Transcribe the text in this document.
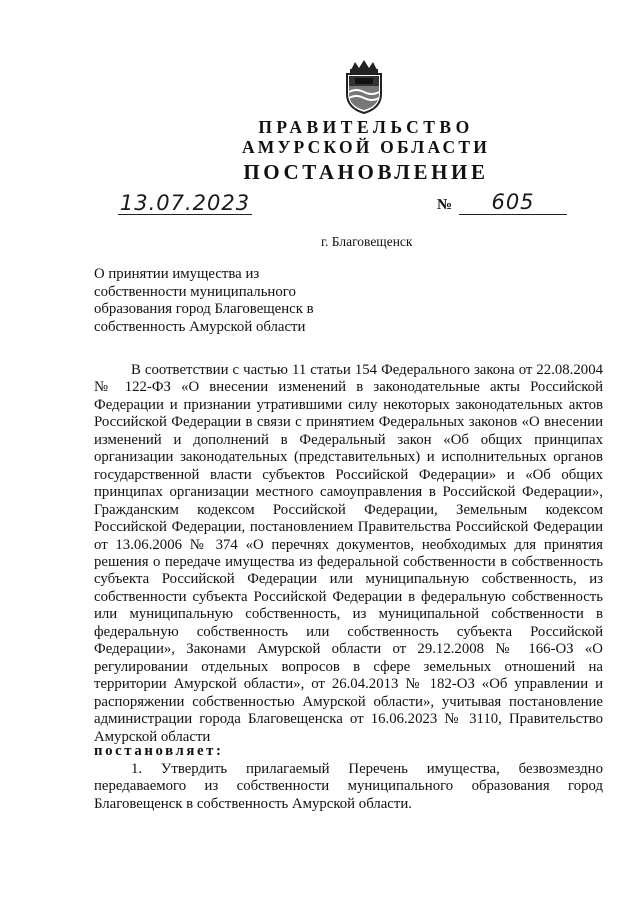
ПРАВИТЕЛЬСТВО
АМУРСКОЙ ОБЛАСТИ
ПОСТАНОВЛЕНИЕ
13.07.2023	№	605
г. Благовещенск
О принятии имущества из собственности муниципального образования город Благовещенск в собственность Амурской области

В соответствии с частью 11 статьи 154 Федерального закона от 22.08.2004 № 122-ФЗ «О внесении изменений в законодательные акты Российской Федерации и признании утратившими силу некоторых законодательных актов Российской Федерации в связи с принятием Федеральных законов «О внесении изменений и дополнений в Федеральный закон «Об общих принципах организации законодательных (представительных) и исполнительных органов государственной власти субъектов Российской Федерации» и «Об общих принципах организации местного самоуправления в Российской Федерации», Гражданским кодексом Российской Федерации, Земельным кодексом Российской Федерации, постановлением Правительства Российской Федерации от 13.06.2006 № 374 «О перечнях документов, необходимых для принятия решения о передаче имущества из федеральной собственности в собственность субъекта Российской Федерации или муниципальную собственность, из собственности субъекта Российской Федерации в федеральную собственность или муниципальную собственность, из муниципальной собственности в федеральную собственность или собственность субъекта Российской Федерации», Законами Амурской области от 29.12.2008 № 166-ОЗ «О регулировании отдельных вопросов в сфере земельных отношений на территории Амурской области», от 26.04.2013 № 182-ОЗ «Об управлении и распоряжении собственностью Амурской области», учитывая постановление администрации города Благовещенска от 16.06.2023 № 3110, Правительство Амурской области

постановляет:

1. Утвердить прилагаемый Перечень имущества, безвозмездно передаваемого из собственности муниципального образования город Благовещенск в собственность Амурской области.
